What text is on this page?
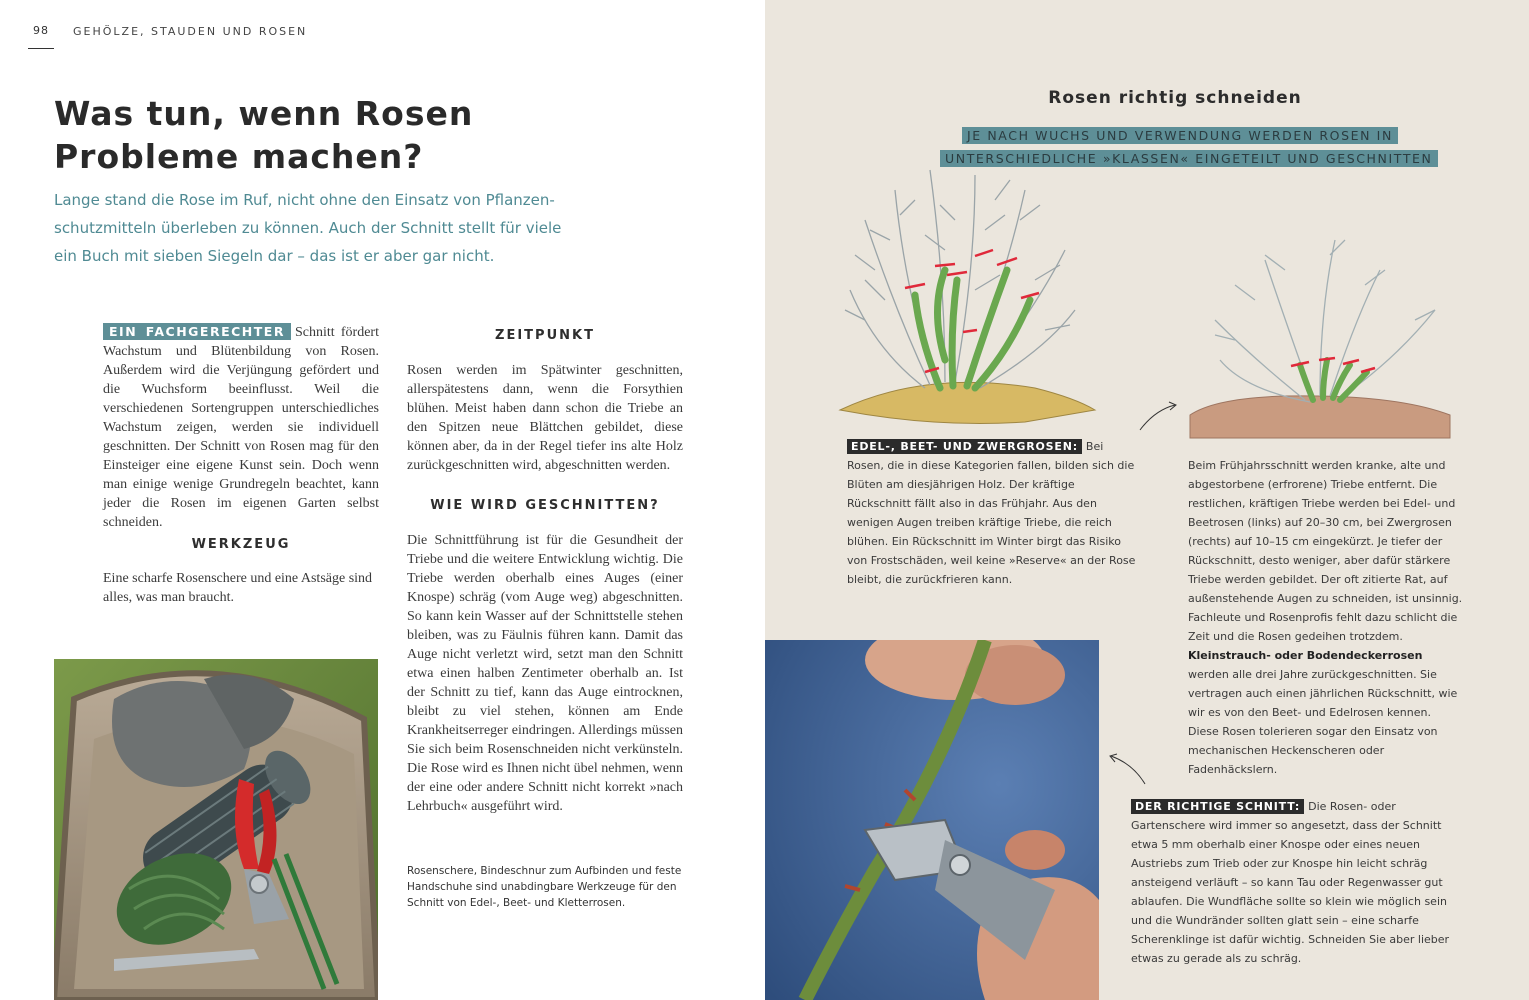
98	GEHÖLZE, STAUDEN UND ROSEN
Was tun, wenn Rosen
Probleme machen?
Lange stand die Rose im Ruf, nicht ohne den Einsatz von Pflanzen-
schutzmitteln überleben zu können. Auch der Schnitt stellt für viele
ein Buch mit sieben Siegeln dar – das ist er aber gar nicht.
EIN FACHGERECHTER Schnitt fördert Wachstum und Blütenbildung von Rosen. Außerdem wird die Verjüngung gefördert und die Wuchsform beeinflusst. Weil die verschiedenen Sortengruppen unterschiedliches Wachstum zeigen, werden sie individuell geschnitten. Der Schnitt von Rosen mag für den Einsteiger eine eigene Kunst sein. Doch wenn man einige wenige Grundregeln beachtet, kann jeder die Rosen im eigenen Garten selbst schneiden.
WERKZEUG
Eine scharfe Rosenschere und eine Astsäge sind alles, was man braucht.
ZEITPUNKT
Rosen werden im Spätwinter geschnitten, allerspätestens dann, wenn die Forsythien blühen. Meist haben dann schon die Triebe an den Spitzen neue Blättchen gebildet, diese können aber, da in der Regel tiefer ins alte Holz zurückgeschnitten wird, abgeschnitten werden.
WIE WIRD GESCHNITTEN?
Die Schnittführung ist für die Gesundheit der Triebe und die weitere Entwicklung wichtig. Die Triebe werden oberhalb eines Auges (einer Knospe) schräg (vom Auge weg) abgeschnitten. So kann kein Wasser auf der Schnittstelle stehen bleiben, was zu Fäulnis führen kann. Damit das Auge nicht verletzt wird, setzt man den Schnitt etwa einen halben Zentimeter oberhalb an. Ist der Schnitt zu tief, kann das Auge eintrocknen, bleibt zu viel stehen, können am Ende Krankheitserreger eindringen. Allerdings müssen Sie sich beim Rosenschneiden nicht verkünsteln. Die Rose wird es Ihnen nicht übel nehmen, wenn der eine oder andere Schnitt nicht korrekt »nach Lehrbuch« ausgeführt wird.
Rosenschere, Bindeschnur zum Aufbinden und feste Handschuhe sind unabdingbare Werkzeuge für den Schnitt von Edel-, Beet- und Kletterrosen.
Rosen richtig schneiden
JE NACH WUCHS UND VERWENDUNG WERDEN ROSEN IN
UNTERSCHIEDLICHE »KLASSEN« EINGETEILT UND GESCHNITTEN
EDEL-, BEET- UND ZWERGROSEN: Bei Rosen, die in diese Kategorien fallen, bilden sich die Blüten am diesjährigen Holz. Der kräftige Rückschnitt fällt also in das Frühjahr. Aus den wenigen Augen treiben kräftige Triebe, die reich blühen. Ein Rückschnitt im Winter birgt das Risiko von Frostschäden, weil keine »Reserve« an der Rose bleibt, die zurückfrieren kann.
Beim Frühjahrsschnitt werden kranke, alte und abgestorbene (erfrorene) Triebe entfernt. Die restlichen, kräftigen Triebe werden bei Edel- und Beetrosen (links) auf 20–30 cm, bei Zwergrosen (rechts) auf 10–15 cm eingekürzt. Je tiefer der Rückschnitt, desto weniger, aber dafür stärkere Triebe werden gebildet. Der oft zitierte Rat, auf außenstehende Augen zu schneiden, ist unsinnig. Fachleute und Rosenprofis fehlt dazu schlicht die Zeit und die Rosen gedeihen trotzdem. Kleinstrauch- oder Bodendeckerrosen werden alle drei Jahre zurückgeschnitten. Sie vertragen auch einen jährlichen Rückschnitt, wie wir es von den Beet- und Edelrosen kennen. Diese Rosen tolerieren sogar den Einsatz von mechanischen Heckenscheren oder Fadenhäckslern.
DER RICHTIGE SCHNITT: Die Rosen- oder Gartenschere wird immer so angesetzt, dass der Schnitt etwa 5 mm oberhalb einer Knospe oder eines neuen Austriebs zum Trieb oder zur Knospe hin leicht schräg ansteigend verläuft – so kann Tau oder Regenwasser gut ablaufen. Die Wundfläche sollte so klein wie möglich sein und die Wundränder sollten glatt sein – eine scharfe Scherenklinge ist dafür wichtig. Schneiden Sie aber lieber etwas zu gerade als zu schräg.
